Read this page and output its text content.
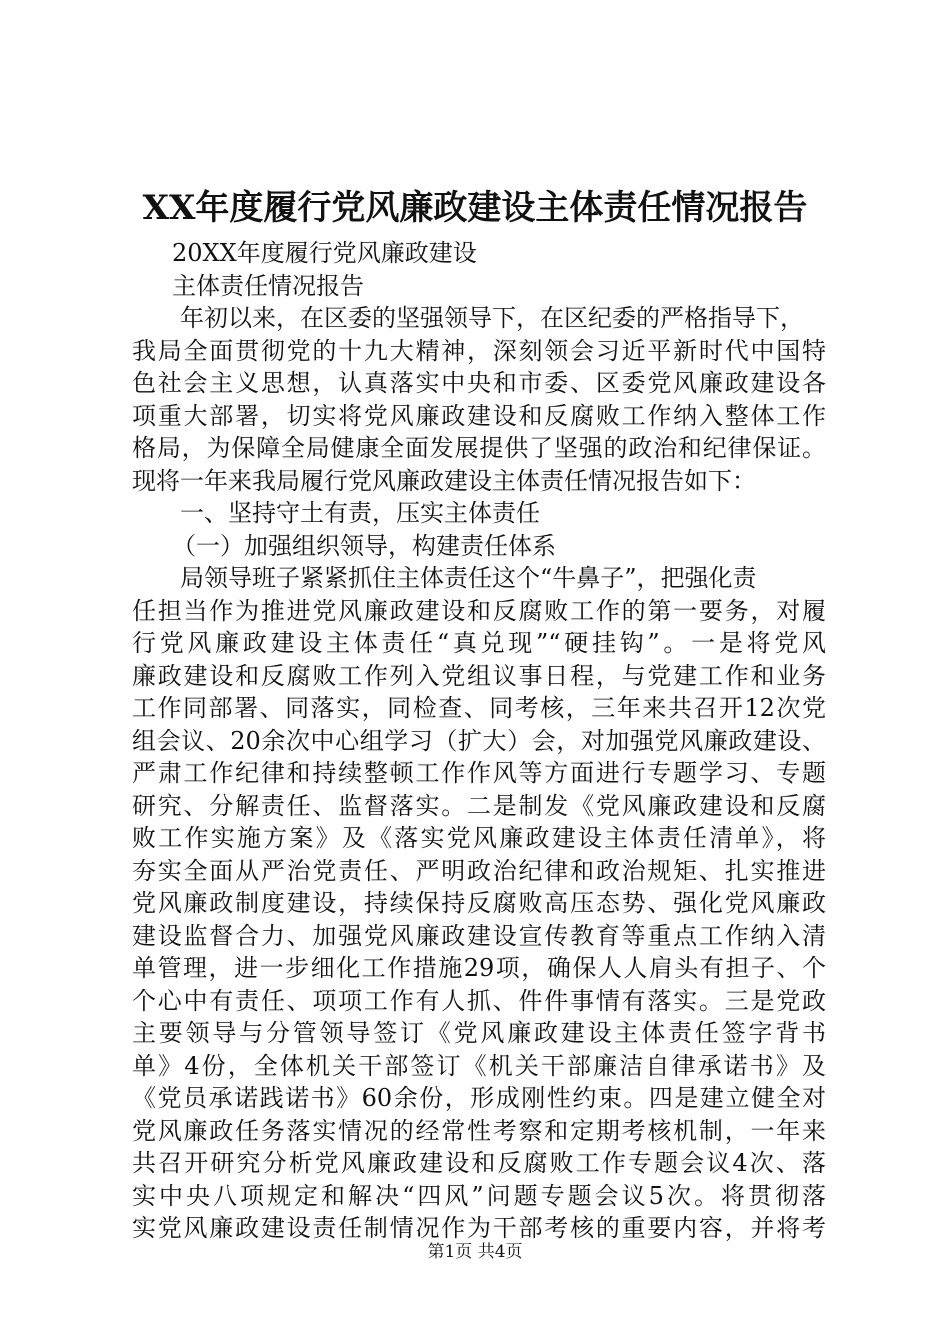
XX年度履行党风廉政建设主体责任情况报告
20XX年度履行党风廉政建设
主体责任情况报告
年初以来，在区委的坚强领导下，在区纪委的严格指导下，
我局全面贯彻党的十九大精神，深刻领会习近平新时代中国特
色社会主义思想，认真落实中央和市委、区委党风廉政建设各
项重大部署，切实将党风廉政建设和反腐败工作纳入整体工作
格局，为保障全局健康全面发展提供了坚强的政治和纪律保证。
现将一年来我局履行党风廉政建设主体责任情况报告如下：
一、坚持守土有责，压实主体责任
（一）加强组织领导，构建责任体系
局领导班子紧紧抓住主体责任这个“牛鼻子”，把强化责
任担当作为推进党风廉政建设和反腐败工作的第一要务，对履
行党风廉政建设主体责任“真兑现”“硬挂钩”。一是将党风
廉政建设和反腐败工作列入党组议事日程，与党建工作和业务
工作同部署、同落实，同检查、同考核，三年来共召开12次党
组会议、20余次中心组学习（扩大）会，对加强党风廉政建设、
严肃工作纪律和持续整顿工作作风等方面进行专题学习、专题
研究、分解责任、监督落实。二是制发《党风廉政建设和反腐
败工作实施方案》及《落实党风廉政建设主体责任清单》，将
夯实全面从严治党责任、严明政治纪律和政治规矩、扎实推进
党风廉政制度建设，持续保持反腐败高压态势、强化党风廉政
建设监督合力、加强党风廉政建设宣传教育等重点工作纳入清
单管理，进一步细化工作措施29项，确保人人肩头有担子、个
个心中有责任、项项工作有人抓、件件事情有落实。三是党政
主要领导与分管领导签订《党风廉政建设主体责任签字背书
单》4份，全体机关干部签订《机关干部廉洁自律承诺书》及
《党员承诺践诺书》60余份，形成刚性约束。四是建立健全对
党风廉政任务落实情况的经常性考察和定期考核机制，一年来
共召开研究分析党风廉政建设和反腐败工作专题会议4次、落
实中央八项规定和解决“四风”问题专题会议5次。将贯彻落
实党风廉政建设责任制情况作为干部考核的重要内容，并将考
第1页 共4页
